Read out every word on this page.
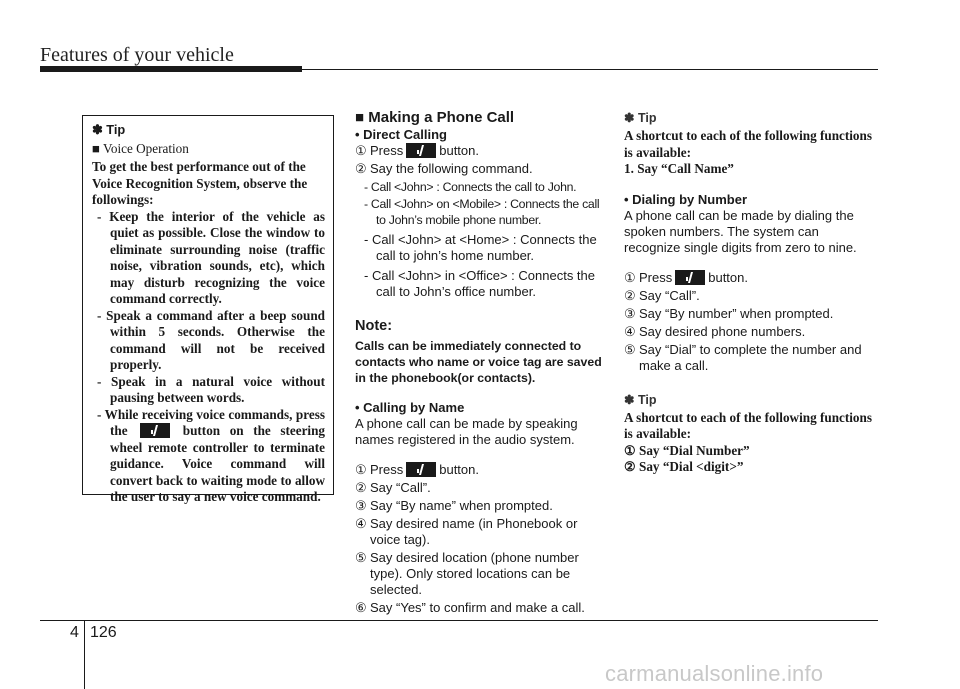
Features of your vehicle
✽ Tip
■ Voice Operation
To get the best performance out of the Voice Recognition System, observe the followings:
- Keep the interior of the vehicle as quiet as possible. Close the window to eliminate surrounding noise (traffic noise, vibration sounds, etc), which may disturb recognizing the voice command correctly.
- Speak a command after a beep sound within 5 seconds. Otherwise the command will not be received properly.
- Speak in a natural voice without pausing between words.
- While receiving voice commands, press the	button on the steering wheel remote controller to terminate guidance. Voice command will convert back to waiting mode to allow the user to say a new voice command.
■ Making a Phone Call
• Direct Calling
① Press	button.
② Say the following command.
- Call <John> : Connects the call to John.
- Call <John> on <Mobile> : Connects the call to John’s mobile phone number.
- Call <John> at <Home> : Connects the call to john’s home number.
- Call <John> in <Office> : Connects the call to John’s office number.
Note:
Calls can be immediately connected to contacts who name or voice tag are saved in the phonebook(or contacts).
• Calling by Name
A phone call can be made by speaking names registered in the audio system.
① Press	button.
② Say “Call”.
③ Say “By name” when prompted.
④ Say desired name (in Phonebook or voice tag).
⑤ Say desired location (phone number type). Only stored locations can be selected.
⑥ Say “Yes” to confirm and make a call.
✽ Tip
A shortcut to each of the following functions is available:
1. Say “Call Name”
• Dialing by Number
A phone call can be made by dialing the spoken numbers. The system can recognize single digits from zero to nine.
① Press	button.
② Say “Call”.
③ Say “By number” when prompted.
④ Say desired phone numbers.
⑤ Say “Dial” to complete the number and make a call.
✽ Tip
A shortcut to each of the following functions is available:
① Say “Dial Number”
② Say “Dial <digit>”
4 126
carmanualsonline.info
